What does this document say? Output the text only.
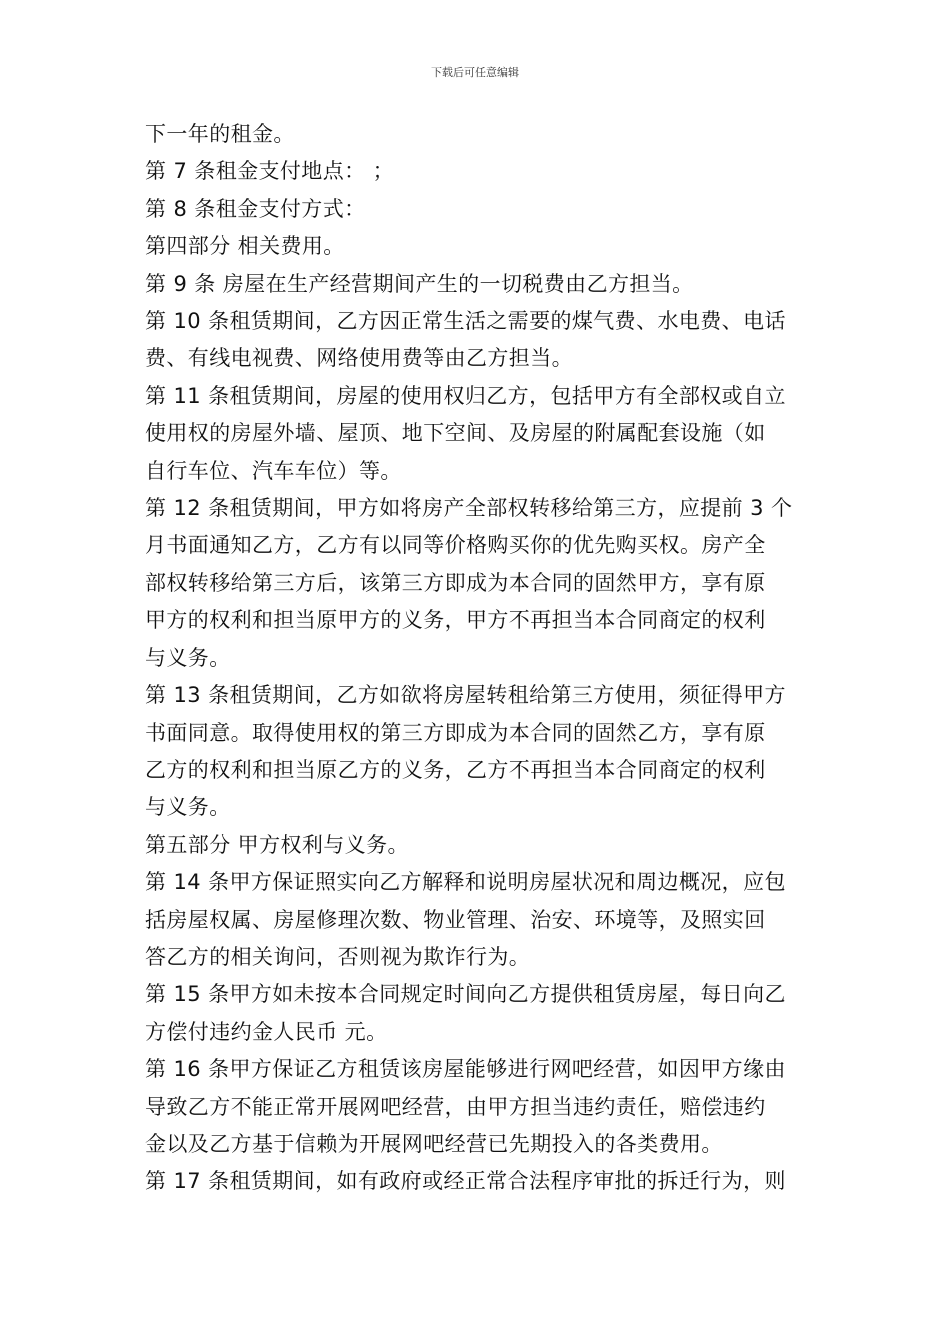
下载后可任意编辑
下一年的租金。
第 7 条租金支付地点： ；
第 8 条租金支付方式：
第四部分 相关费用。
第 9 条 房屋在生产经营期间产生的一切税费由乙方担当。
第 10 条租赁期间，乙方因正常生活之需要的煤气费、水电费、电话
费、有线电视费、网络使用费等由乙方担当。
第 11 条租赁期间，房屋的使用权归乙方，包括甲方有全部权或自立
使用权的房屋外墙、屋顶、地下空间、及房屋的附属配套设施（如
自行车位、汽车车位）等。
第 12 条租赁期间，甲方如将房产全部权转移给第三方，应提前 3 个
月书面通知乙方，乙方有以同等价格购买你的优先购买权。房产全
部权转移给第三方后，该第三方即成为本合同的固然甲方，享有原
甲方的权利和担当原甲方的义务，甲方不再担当本合同商定的权利
与义务。
第 13 条租赁期间，乙方如欲将房屋转租给第三方使用，须征得甲方
书面同意。取得使用权的第三方即成为本合同的固然乙方，享有原
乙方的权利和担当原乙方的义务，乙方不再担当本合同商定的权利
与义务。
第五部分 甲方权利与义务。
第 14 条甲方保证照实向乙方解释和说明房屋状况和周边概况，应包
括房屋权属、房屋修理次数、物业管理、治安、环境等，及照实回
答乙方的相关询问，否则视为欺诈行为。
第 15 条甲方如未按本合同规定时间向乙方提供租赁房屋，每日向乙
方偿付违约金人民币 元。
第 16 条甲方保证乙方租赁该房屋能够进行网吧经营，如因甲方缘由
导致乙方不能正常开展网吧经营，由甲方担当违约责任，赔偿违约
金以及乙方基于信赖为开展网吧经营已先期投入的各类费用。
第 17 条租赁期间，如有政府或经正常合法程序审批的拆迁行为，则
